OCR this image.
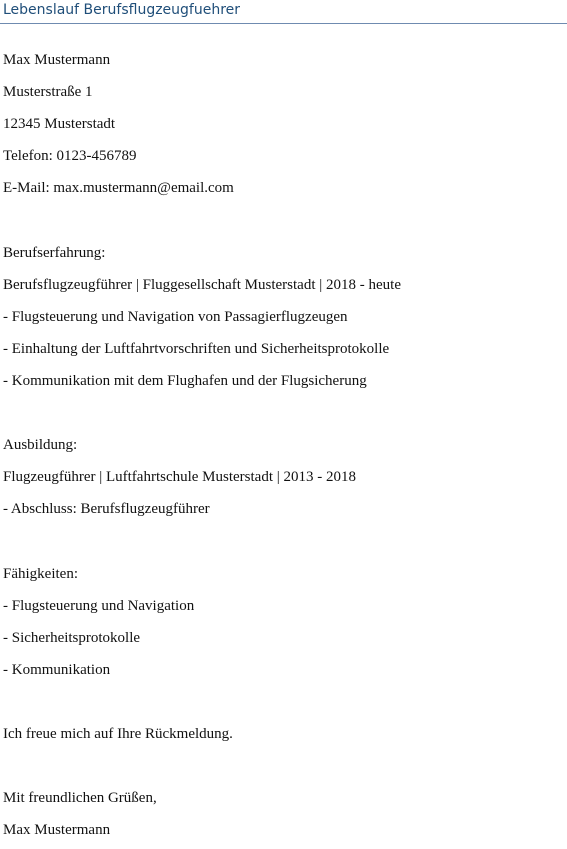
Lebenslauf Berufsflugzeugfuehrer
Max Mustermann
Musterstraße 1
12345 Musterstadt
Telefon: 0123-456789
E-Mail: max.mustermann@email.com
Berufserfahrung:
Berufsflugzeugführer | Fluggesellschaft Musterstadt | 2018 - heute
- Flugsteuerung und Navigation von Passagierflugzeugen
- Einhaltung der Luftfahrtvorschriften und Sicherheitsprotokolle
- Kommunikation mit dem Flughafen und der Flugsicherung
Ausbildung:
Flugzeugführer | Luftfahrtschule Musterstadt | 2013 - 2018
- Abschluss: Berufsflugzeugführer
Fähigkeiten:
- Flugsteuerung und Navigation
- Sicherheitsprotokolle
- Kommunikation
Ich freue mich auf Ihre Rückmeldung.
Mit freundlichen Grüßen,
Max Mustermann
